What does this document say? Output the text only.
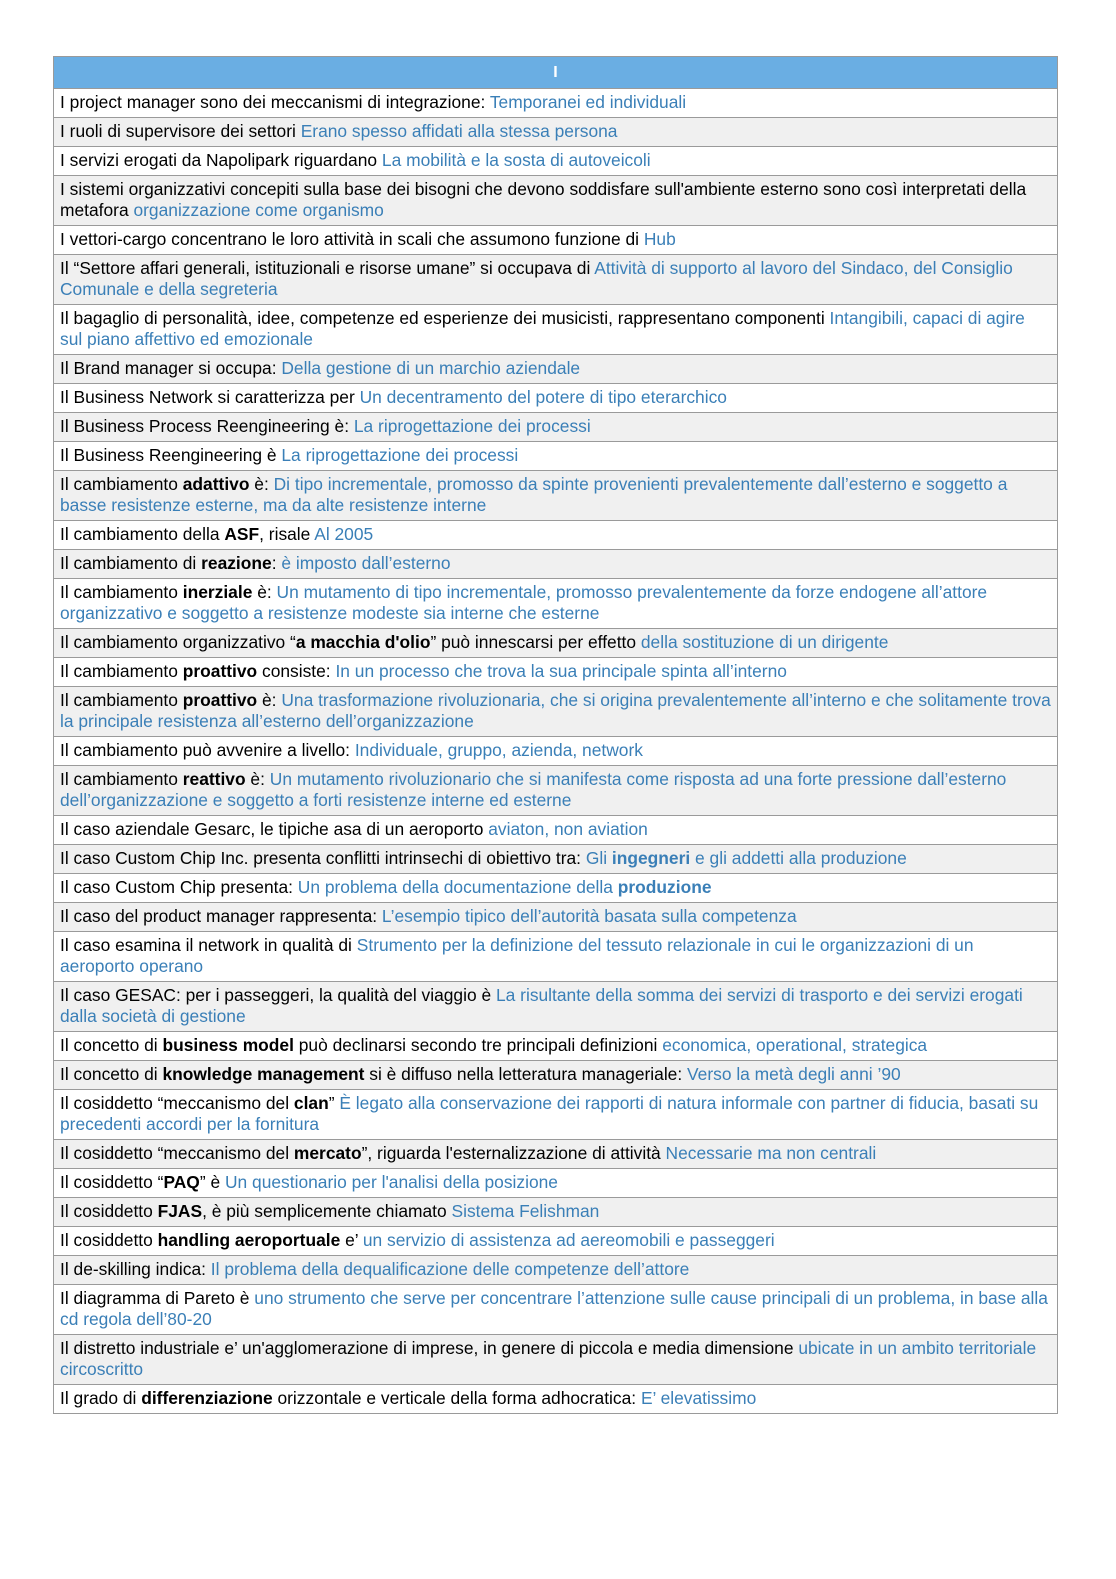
I
I project manager sono dei meccanismi di integrazione: Temporanei ed individuali
I ruoli di supervisore dei settori Erano spesso affidati alla stessa persona
I servizi erogati da Napolipark riguardano La mobilità e la sosta di autoveicoli
I sistemi organizzativi concepiti sulla base dei bisogni che devono soddisfare sull'ambiente esterno sono così interpretati della metafora organizzazione come organismo
I vettori-cargo concentrano le loro attività in scali che assumono funzione di Hub
Il “Settore affari generali, istituzionali e risorse umane” si occupava di Attività di supporto al lavoro del Sindaco, del Consiglio Comunale e della segreteria
Il bagaglio di personalità, idee, competenze ed esperienze dei musicisti, rappresentano componenti Intangibili, capaci di agire sul piano affettivo ed emozionale
Il Brand manager si occupa: Della gestione di un marchio aziendale
Il Business Network si caratterizza per Un decentramento del potere di tipo eterarchico
Il Business Process Reengineering è: La riprogettazione dei processi
Il Business Reengineering è La riprogettazione dei processi
Il cambiamento adattivo è: Di tipo incrementale, promosso da spinte provenienti prevalentemente dall’esterno e soggetto a basse resistenze esterne, ma da alte resistenze interne
Il cambiamento della ASF, risale Al 2005
Il cambiamento di reazione: è imposto dall’esterno
Il cambiamento inerziale è: Un mutamento di tipo incrementale, promosso prevalentemente da forze endogene all’attore organizzativo e soggetto a resistenze modeste sia interne che esterne
Il cambiamento organizzativo “a macchia d'olio” può innescarsi per effetto della sostituzione di un dirigente
Il cambiamento proattivo consiste: In un processo che trova la sua principale spinta all’interno
Il cambiamento proattivo è: Una trasformazione rivoluzionaria, che si origina prevalentemente all’interno e che solitamente trova la principale resistenza all’esterno dell’organizzazione
Il cambiamento può avvenire a livello: Individuale, gruppo, azienda, network
Il cambiamento reattivo è: Un mutamento rivoluzionario che si manifesta come risposta ad una forte pressione dall’esterno dell’organizzazione e soggetto a forti resistenze interne ed esterne
Il caso aziendale Gesarc, le tipiche asa di un aeroporto aviaton, non aviation
Il caso Custom Chip Inc. presenta conflitti intrinsechi di obiettivo tra: Gli ingegneri e gli addetti alla produzione
Il caso Custom Chip presenta: Un problema della documentazione della produzione
Il caso del product manager rappresenta: L’esempio tipico dell’autorità basata sulla competenza
Il caso esamina il network in qualità di Strumento per la definizione del tessuto relazionale in cui le organizzazioni di un aeroporto operano
Il caso GESAC: per i passeggeri, la qualità del viaggio è La risultante della somma dei servizi di trasporto e dei servizi erogati dalla società di gestione
Il concetto di business model può declinarsi secondo tre principali definizioni economica, operational, strategica
Il concetto di knowledge management si è diffuso nella letteratura manageriale: Verso la metà degli anni ’90
Il cosiddetto “meccanismo del clan” È legato alla conservazione dei rapporti di natura informale con partner di fiducia, basati su precedenti accordi per la fornitura
Il cosiddetto “meccanismo del mercato”, riguarda l'esternalizzazione di attività Necessarie ma non centrali
Il cosiddetto “PAQ” è Un questionario per l'analisi della posizione
Il cosiddetto FJAS, è più semplicemente chiamato Sistema Felishman
Il cosiddetto handling aeroportuale e’ un servizio di assistenza ad aereomobili e passeggeri
Il de-skilling indica: Il problema della dequalificazione delle competenze dell’attore
Il diagramma di Pareto è uno strumento che serve per concentrare l’attenzione sulle cause principali di un problema, in base alla cd regola dell’80-20
Il distretto industriale e’ un'agglomerazione di imprese, in genere di piccola e media dimensione ubicate in un ambito territoriale circoscritto
Il grado di differenziazione orizzontale e verticale della forma adhocratica: E’ elevatissimo
